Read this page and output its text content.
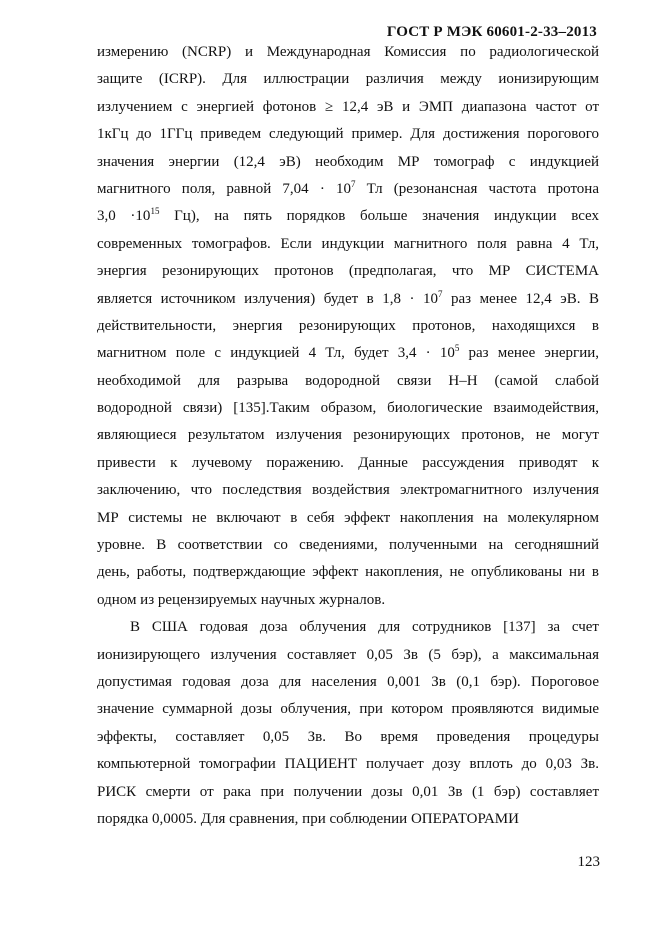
ГОСТ Р МЭК 60601-2-33–2013
измерению (NCRP) и Международная Комиссия по радиологической
защите (ICRP). Для иллюстрации различия между ионизирующим
излучением с энергией фотонов ≥ 12,4 эВ и ЭМП диапазона частот от
1кГц до 1ГГц приведем следующий пример. Для достижения порогового
значения энергии (12,4 эВ) необходим МР томограф с индукцией
магнитного поля, равной $7,04 \cdot 10^7$ Тл (резонансная частота протона
$3,0 \cdot 10^{15}$ Гц), на пять порядков больше значения индукции всех
современных томографов. Если индукции магнитного поля равна 4 Тл,
энергия резонирующих протонов (предполагая, что МР СИСТЕМА
является источником излучения) будет в $1,8 \cdot 10^7$ раз менее 12,4 эВ. В
действительности, энергия резонирующих протонов, находящихся в
магнитном поле с индукцией 4 Тл, будет $3,4 \cdot 10^5$ раз менее энергии,
необходимой для разрыва водородной связи Н–Н (самой слабой
водородной связи) [135].Таким образом, биологические взаимодействия,
являющиеся результатом излучения резонирующих протонов, не могут
привести к лучевому поражению. Данные рассуждения приводят к
заключению, что последствия воздействия электромагнитного излучения
МР системы не включают в себя эффект накопления на молекулярном
уровне. В соответствии со сведениями, полученными на сегодняшний
день, работы, подтверждающие эффект накопления, не опубликованы ни в
одном из рецензируемых научных журналов.
В США годовая доза облучения для сотрудников [137] за счет
ионизирующего излучения составляет 0,05 Зв (5 бэр), а максимальная
допустимая годовая доза для населения 0,001 Зв (0,1 бэр). Пороговое
значение суммарной дозы облучения, при котором проявляются видимые
эффекты, составляет 0,05 Зв. Во время проведения процедуры
компьютерной томографии ПАЦИЕНТ получает дозу вплоть до 0,03 Зв.
РИСК смерти от рака при получении дозы 0,01 Зв (1 бэр) составляет
порядка 0,0005. Для сравнения, при соблюдении ОПЕРАТОРАМИ
123
